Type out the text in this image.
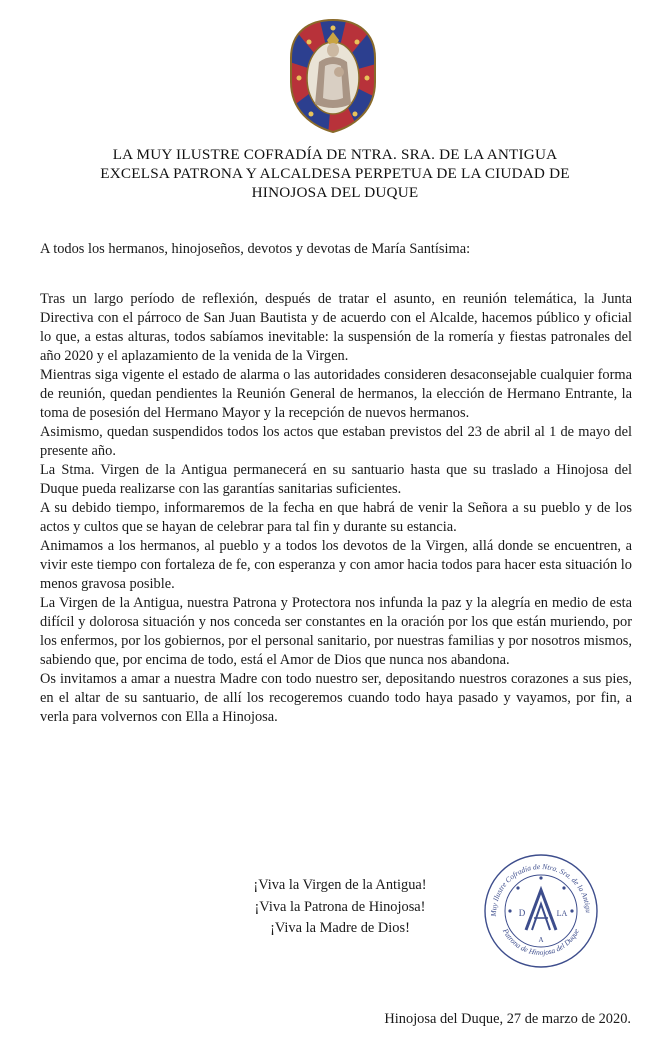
LA MUY ILUSTRE COFRADÍA DE NTRA. SRA. DE LA ANTIGUA
EXCELSA PATRONA Y ALCALDESA PERPETUA DE LA CIUDAD DE
HINOJOSA DEL DUQUE
A todos los hermanos, hinojoseños, devotos y devotas de María Santísima:

Tras un largo período de reflexión, después de tratar el asunto, en reunión telemática, la Junta Directiva con el párroco de San Juan Bautista y de acuerdo con el Alcalde, hacemos público y oficial lo que, a estas alturas, todos sabíamos inevitable: la suspensión de la romería y fiestas patronales del año 2020 y el aplazamiento de la venida de la Virgen.

Mientras siga vigente el estado de alarma o las autoridades consideren desaconsejable cualquier forma de reunión, quedan pendientes la Reunión General de hermanos, la elección de Hermano Entrante, la toma de posesión del Hermano Mayor y la recepción de nuevos hermanos.

Asimismo, quedan suspendidos todos los actos que estaban previstos del 23 de abril al 1 de mayo del presente año.

La Stma. Virgen de la Antigua permanecerá en su santuario hasta que su traslado a Hinojosa del Duque pueda realizarse con las garantías sanitarias suficientes.

A su debido tiempo, informaremos de la fecha en que habrá de venir la Señora a su pueblo y de los actos y cultos que se hayan de celebrar para tal fin y durante su estancia.

Animamos a los hermanos, al pueblo y a todos los devotos de la Virgen, allá donde se encuentren, a vivir este tiempo con fortaleza de fe, con esperanza y con amor hacia todos para hacer esta situación lo menos gravosa posible.

La Virgen de la Antigua, nuestra Patrona y Protectora nos infunda la paz y la alegría en medio de esta difícil y dolorosa situación y nos conceda ser constantes en la oración por los que están muriendo, por los enfermos, por los gobiernos, por el personal sanitario, por nuestras familias y por nosotros mismos, sabiendo que, por encima de todo, está el Amor de Dios que nunca nos abandona.

Os invitamos a amar a nuestra Madre con todo nuestro ser, depositando nuestros corazones a sus pies, en el altar de su santuario, de allí los recogeremos cuando todo haya pasado y vayamos, por fin, a verla para volvernos con Ella a Hinojosa.

¡Viva la Virgen de la Antigua!
¡Viva la Patrona de Hinojosa!
¡Viva la Madre de Dios!
Muy Ilustre Cofradía de Ntra. Sra. de la Antigu
Patrona de Hinojosa del Duque
D
A
LA
Hinojosa del Duque, 27 de marzo de 2020.
